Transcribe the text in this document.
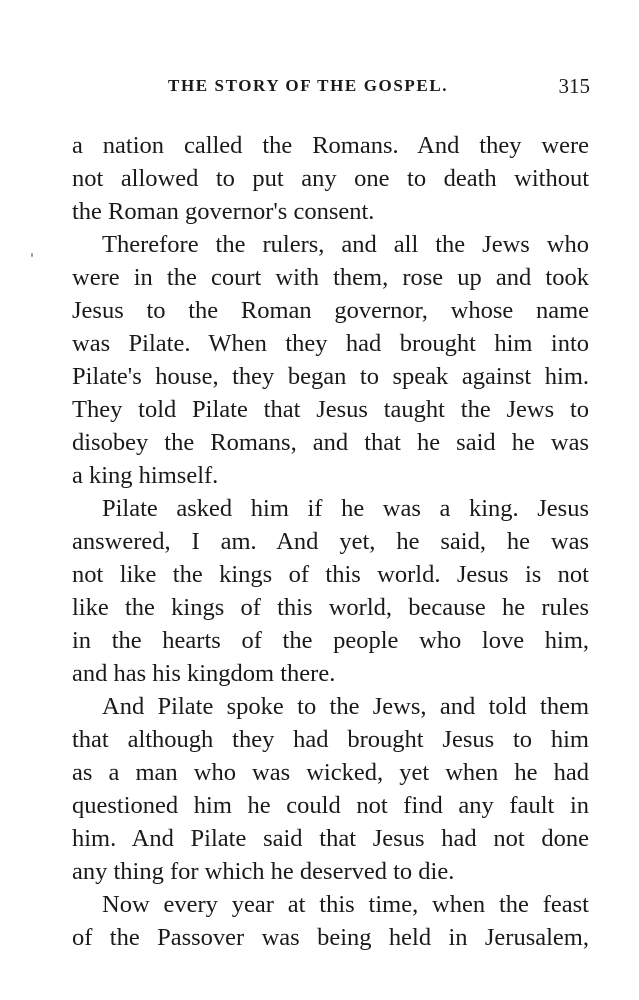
THE STORY OF THE GOSPEL.	315
a nation called the Romans. And they were
not allowed to put any one to death without
the Roman governor's consent.
Therefore the rulers, and all the Jews who
were in the court with them, rose up and took
Jesus to the Roman governor, whose name
was Pilate. When they had brought him into
Pilate's house, they began to speak against him.
They told Pilate that Jesus taught the Jews to
disobey the Romans, and that he said he was
a king himself.
Pilate asked him if he was a king. Jesus
answered, I am. And yet, he said, he was
not like the kings of this world. Jesus is not
like the kings of this world, because he rules
in the hearts of the people who love him,
and has his kingdom there.
And Pilate spoke to the Jews, and told them
that although they had brought Jesus to him
as a man who was wicked, yet when he had
questioned him he could not find any fault in
him. And Pilate said that Jesus had not done
any thing for which he deserved to die.
Now every year at this time, when the feast
of the Passover was being held in Jerusalem,
